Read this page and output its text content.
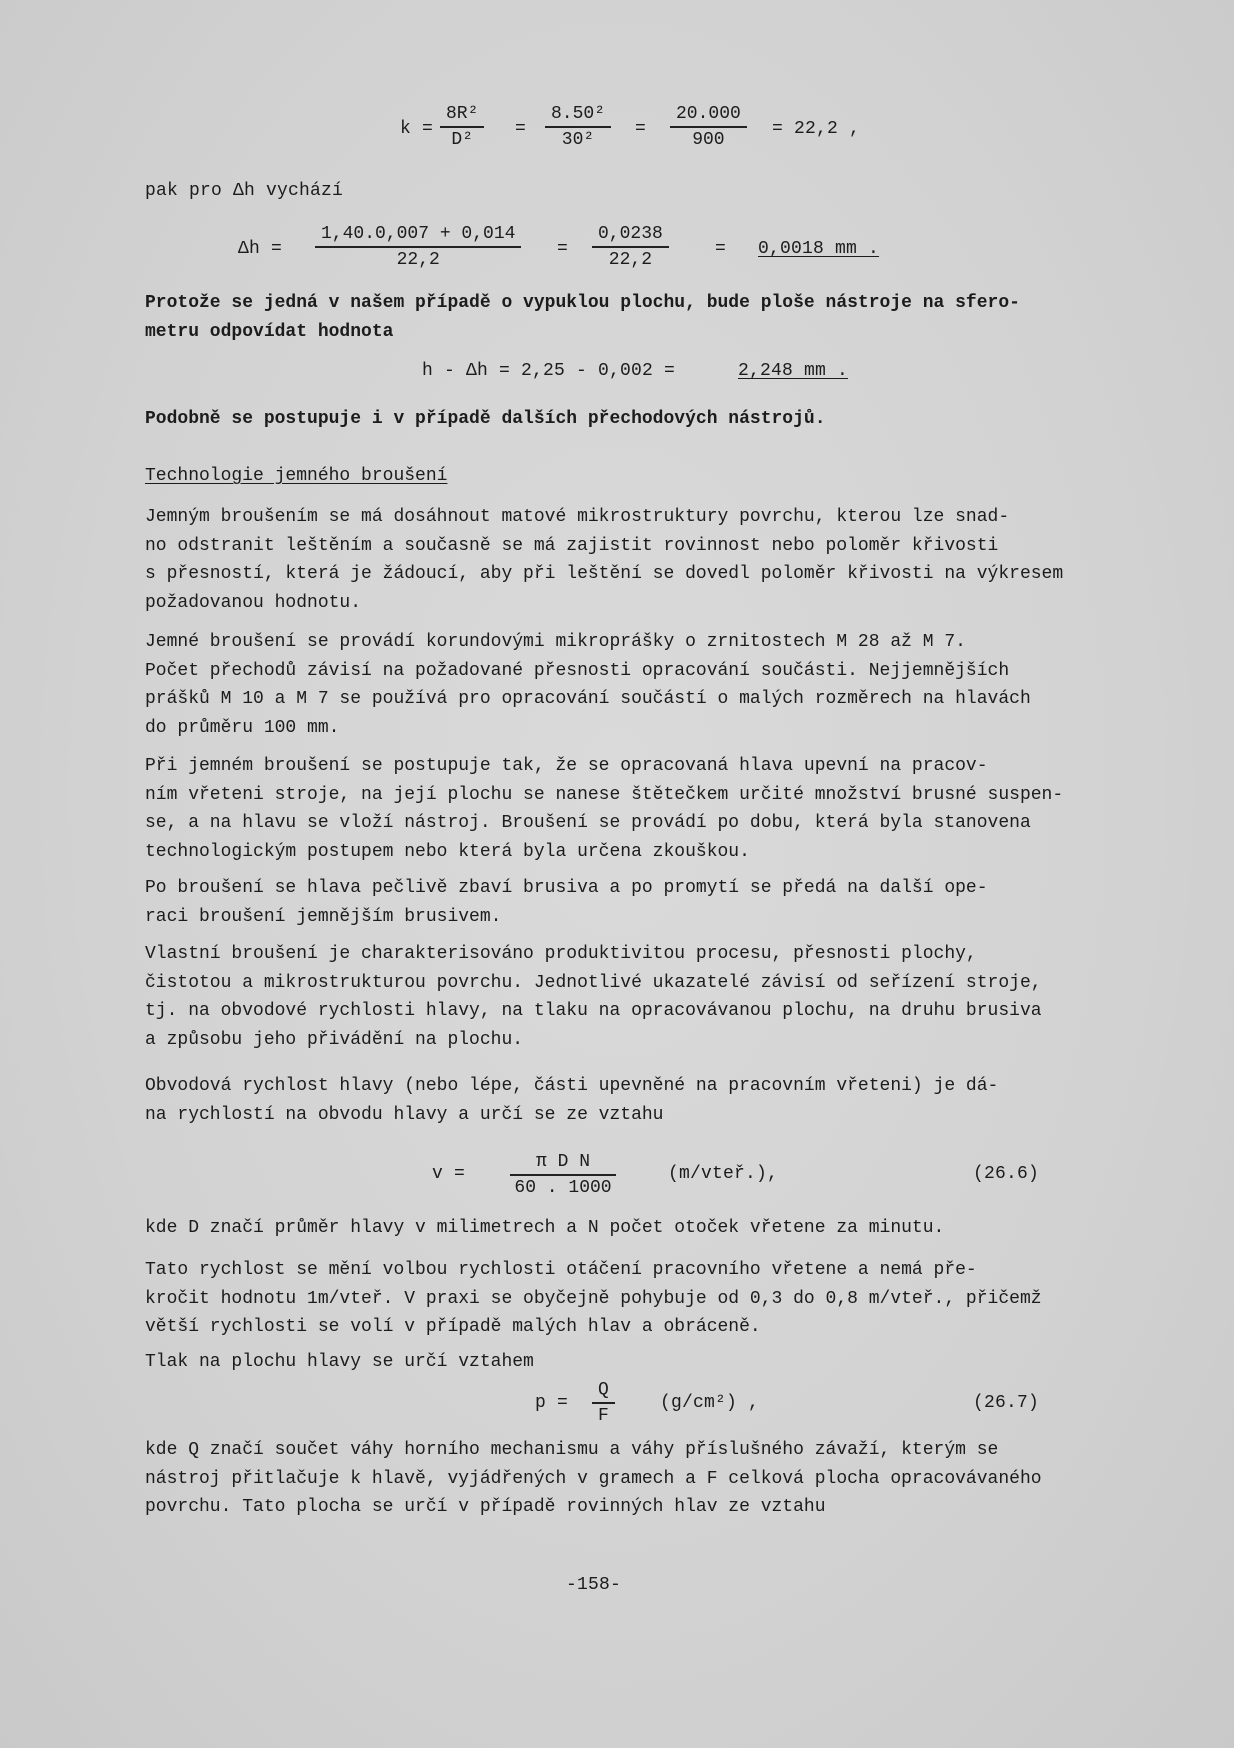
$k = \frac{\text{8R²}}{\text{D²}} = \frac{\text{8.50²}}{\text{30²}} = \frac{20.000}{900} = 22,2$ ,
pak pro Δh vychází
$\Delta h = \frac{1,40.0,007 + 0,014}{22,2} = \frac{0,0238}{22,2}$	= 0,0018 mm .
Protože se jedná v našem případě o vypuklou plochu, bude ploše nástroje na sfero-
metru odpovídat hodnota
h - Δh = 2,25 - 0,002 =	2,248 mm .
Podobně se postupuje i v případě dalších přechodových nástrojů.
Technologie jemného broušení
Jemným broušením se má dosáhnout matové mikrostruktury povrchu, kterou lze snad-
no odstranit leštěním a současně se má zajistit rovinnost nebo poloměr křivosti
s přesností, která je žádoucí, aby při leštění se dovedl poloměr křivosti na výkresem
požadovanou hodnotu.
Jemné broušení se provádí korundovými mikroprášky o zrnitostech M 28 až M 7.
Počet přechodů závisí na požadované přesnosti opracování součásti. Nejjemnějších
prášků M 10 a M 7 se používá pro opracování součástí o malých rozměrech na hlavách
do průměru 100 mm.
Při jemném broušení se postupuje tak, že se opracovaná hlava upevní na pracov-
ním vřeteni stroje, na její plochu se nanese štětečkem určité množství brusné suspen-
se, a na hlavu se vloží nástroj. Broušení se provádí po dobu, která byla stanovena
technologickým postupem nebo která byla určena zkouškou.
Po broušení se hlava pečlivě zbaví brusiva a po promytí se předá na další ope-
raci broušení jemnějším brusivem.
Vlastní broušení je charakterisováno produktivitou procesu, přesnosti plochy,
čistotou a mikrostrukturou povrchu. Jednotlivé ukazatelé závisí od seřízení stroje,
tj. na obvodové rychlosti hlavy, na tlaku na opracovávanou plochu, na druhu brusiva
a způsobu jeho přivádění na plochu.
Obvodová rychlost hlavy (nebo lépe, části upevněné na pracovním vřeteni) je dá-
na rychlostí na obvodu hlavy a určí se ze vztahu
$v = \frac{\text{π D N}}{60 . 1000}$	(m/vteř.),	(26.6)
kde D značí průměr hlavy v milimetrech a N počet otoček vřetene za minutu.
Tato rychlost se mění volbou rychlosti otáčení pracovního vřetene a nemá pře-
kročit hodnotu 1m/vteř. V praxi se obyčejně pohybuje od 0,3 do 0,8 m/vteř., přičemž
větší rychlosti se volí v případě malých hlav a obráceně.
Tlak na plochu hlavy se určí vztahem
$p = \frac{Q}{F}$	(g/cm²) ,	(26.7)
kde Q značí součet váhy horního mechanismu a váhy příslušného závaží, kterým se
nástroj přitlačuje k hlavě, vyjádřených v gramech a F celková plocha opracovávaného
povrchu. Tato plocha se určí v případě rovinných hlav ze vztahu
-158-
